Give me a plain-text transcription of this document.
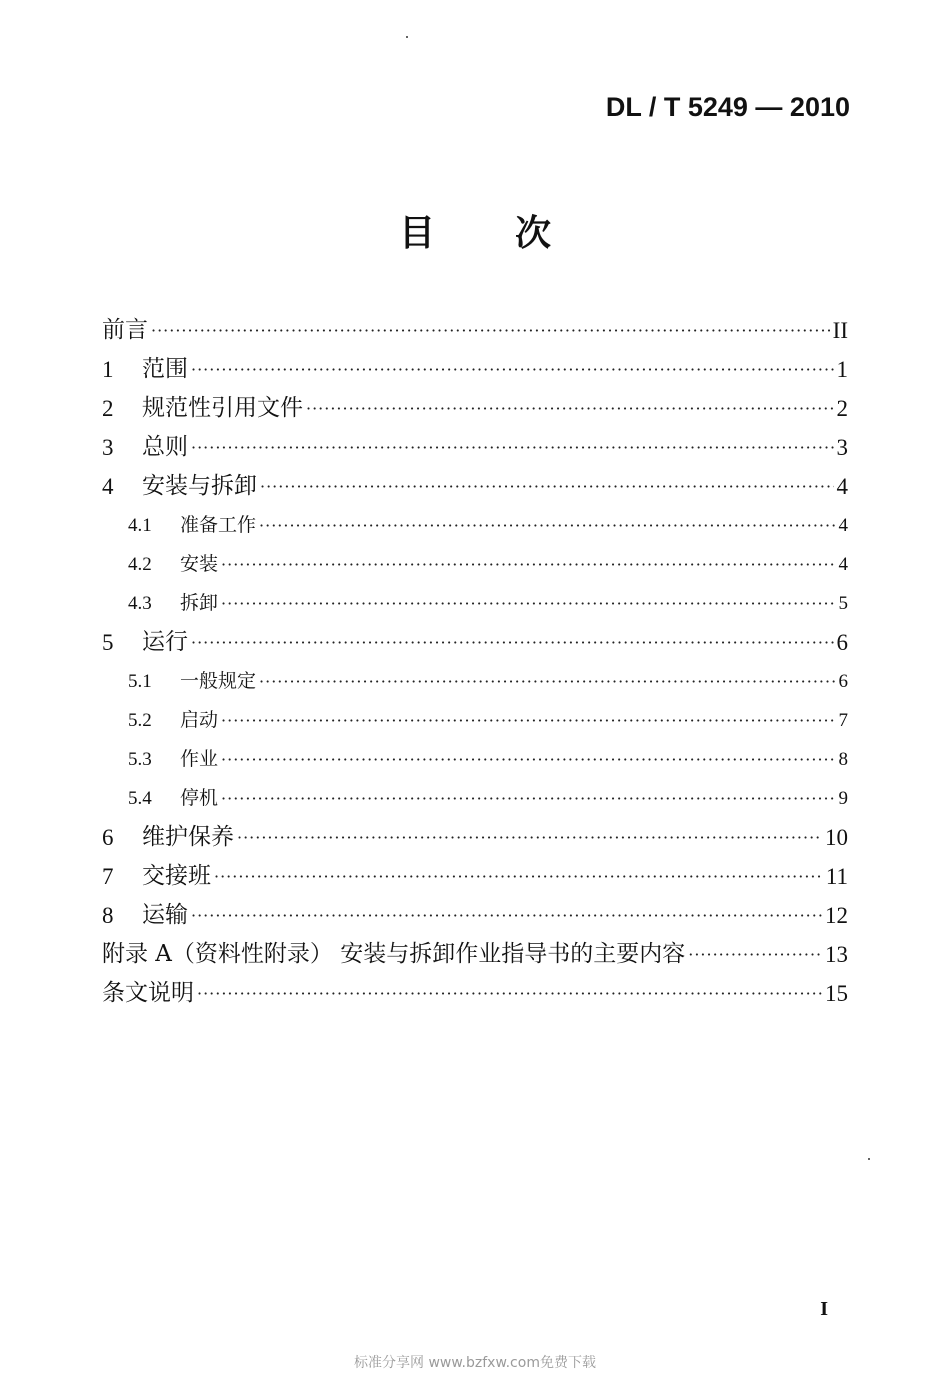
DL / T 5249 — 2010
目 次
前言 ·····	II
1	范围 ·····	1
2	规范性引用文件 ·····	2
3	总则 ·····	3
4	安装与拆卸 ·····	4
4.1	准备工作 ·····	4
4.2	安装 ·····	4
4.3	拆卸 ·····	5
5	运行 ·····	6
5.1	一般规定 ·····	6
5.2	启动 ·····	7
5.3	作业 ·····	8
5.4	停机 ·····	9
6	维护保养 ·····	10
7	交接班 ·····	11
8	运输 ·····	12
附录 A（资料性附录） 安装与拆卸作业指导书的主要内容 ·····	13
条文说明 ·····	15
I
标准分享网 www.bzfxw.com免费下载
